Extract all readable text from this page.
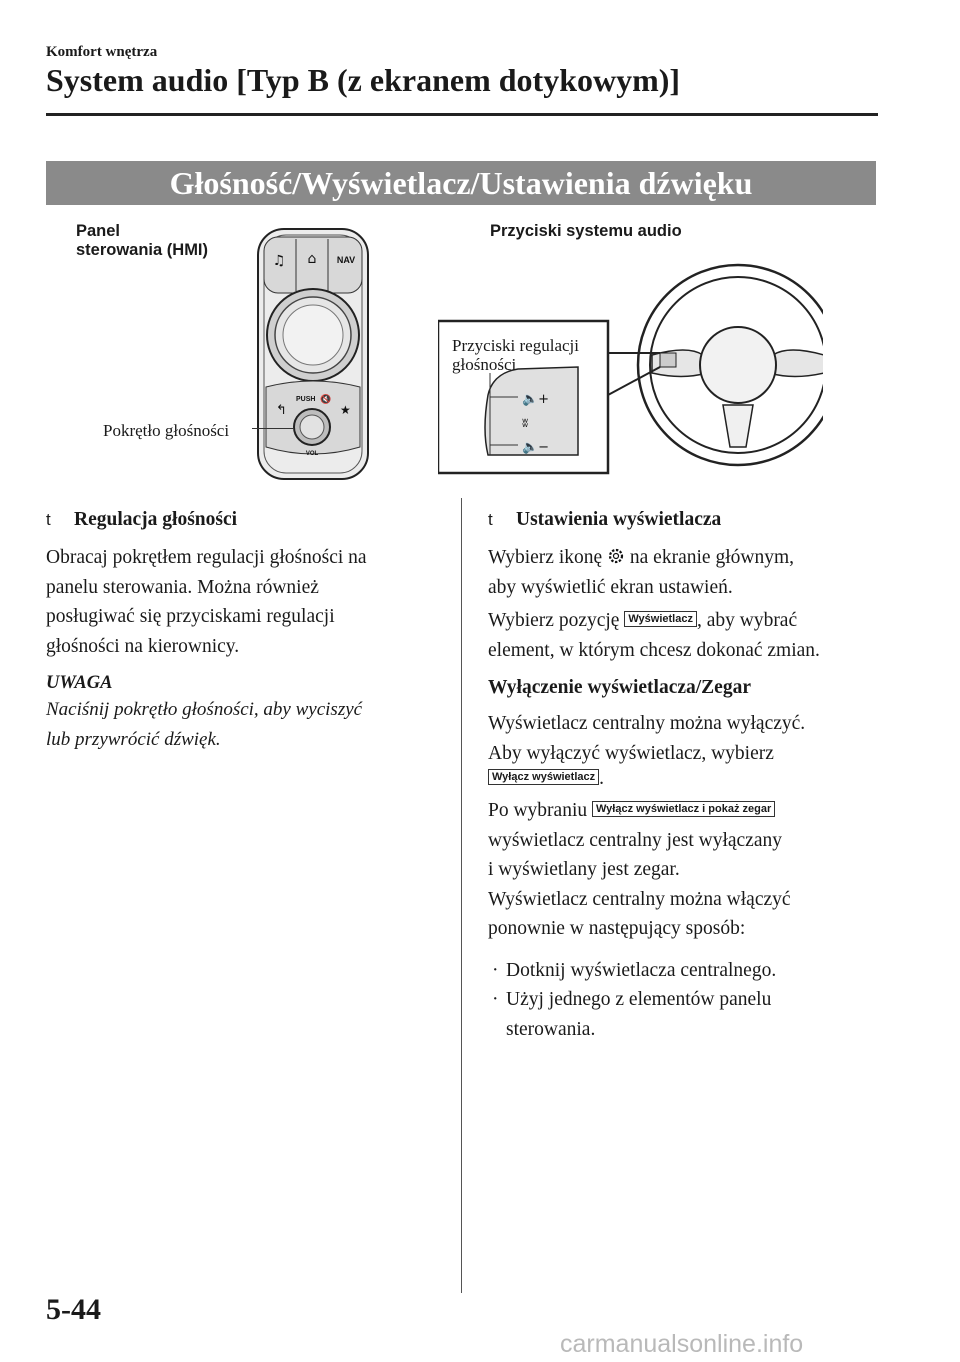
Komfort wnętrza
System audio [Typ B (z ekranem dotykowym)]
Głośność/Wyświetlacz/Ustawienia dźwięku
Panel
sterowania (HMI)
Pokrętło głośności
♫ ⌂ NAV
↰	★
PUSH 🔇
VOL
Przyciski systemu audio
🔈+
ʬ
🔈−
Przyciski regulacji
głośności
t	Regulacja głośności
Obracaj pokrętłem regulacji głośności na
panelu sterowania. Można również
posługiwać się przyciskami regulacji
głośności na kierownicy.
UWAGA
Naciśnij pokrętło głośności, aby wyciszyć
lub przywrócić dźwięk.
t	Ustawienia wyświetlacza
Wybierz ikonę na ekranie głównym,
aby wyświetlić ekran ustawień.
Wybierz pozycję Wyświetlacz , aby wybrać
element, w którym chcesz dokonać zmian.
Wyłączenie wyświetlacza/Zegar
Wyświetlacz centralny można wyłączyć.
Aby wyłączyć wyświetlacz, wybierz
Wyłącz wyświetlacz .
Po wybraniu Wyłącz wyświetlacz i pokaż zegar
wyświetlacz centralny jest wyłączany
i wyświetlany jest zegar.
Wyświetlacz centralny można włączyć
ponownie w następujący sposób:
· Dotknij wyświetlacza centralnego.
· Użyj jednego z elementów panelu
sterowania.
5-44
carmanualsonline.info
